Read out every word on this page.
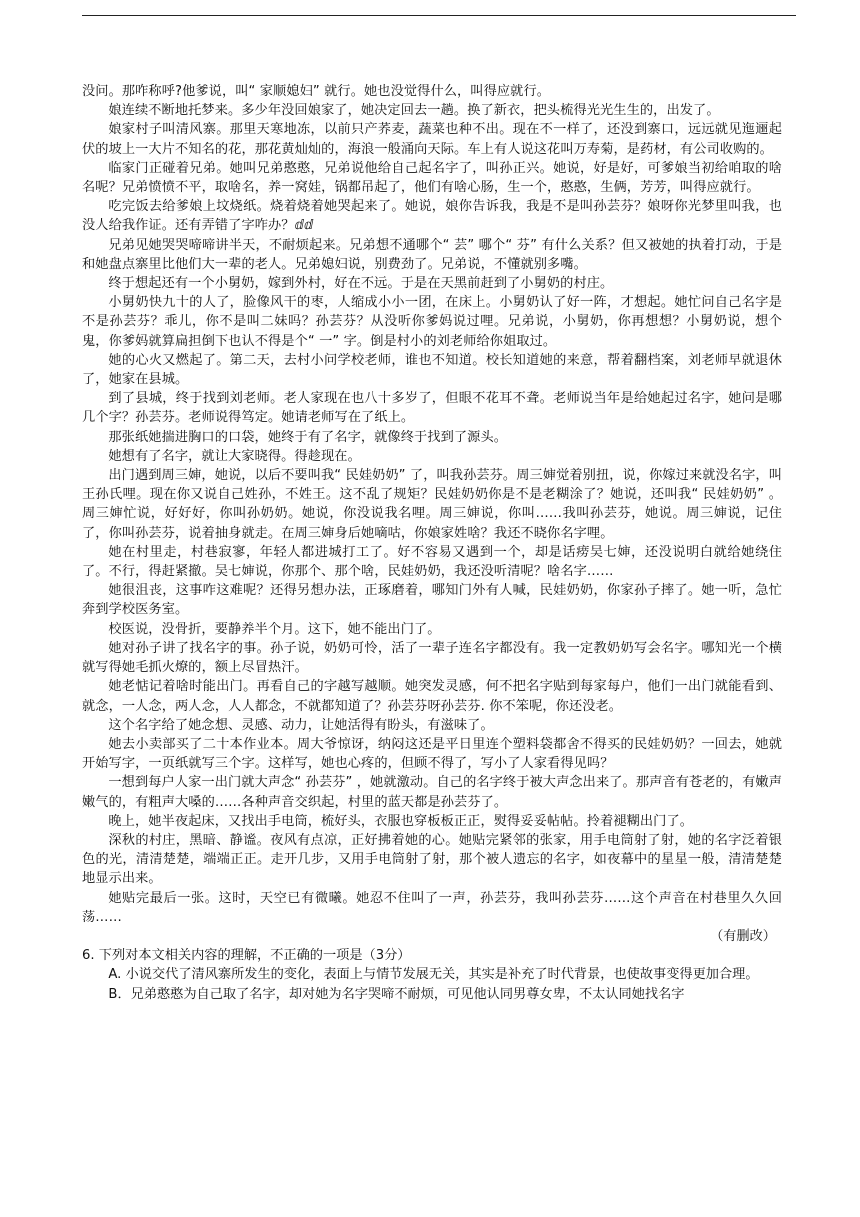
没问。那咋称呼?他爹说，叫“ 家顺媳妇” 就行。她也没觉得什么，叫得应就行。

娘连续不断地托梦来。多少年没回娘家了，她决定回去一趟。换了新衣，把头梳得光光生生的，出发了。

娘家村子叫清风寨。那里天寒地冻，以前只产荞麦，蔬菜也种不出。现在不一样了，还没到寨口，远远就见迤逦起伏的坡上一大片不知名的花，那花黄灿灿的，海浪一般涌向天际。车上有人说这花叫万寿菊，是药材，有公司收购的。

临家门正碰着兄弟。她叫兄弟憨憨，兄弟说他给自己起名字了，叫孙正兴。她说，好是好，可爹娘当初给咱取的啥名呢？兄弟愤愤不平，取啥名，养一窝娃，锅都吊起了，他们有啥心肠，生一个，憨憨，生俩，芳芳，叫得应就行。

吃完饭去给爹娘上坟烧纸。烧着烧着她哭起来了。她说，娘你告诉我，我是不是叫孙芸芬？娘呀你光梦里叫我，也没人给我作证。还有弄错了字咋办？ⅆⅆ

兄弟见她哭哭啼啼讲半天，不耐烦起来。兄弟想不通哪个“ 芸” 哪个“ 芬” 有什么关系？但又被她的执着打动，于是和她盘点寨里比他们大一辈的老人。兄弟媳妇说，别费劲了。兄弟说，不懂就别多嘴。

终于想起还有一个小舅奶，嫁到外村，好在不远。于是在天黑前赶到了小舅奶的村庄。

小舅奶快九十的人了，脸像风干的枣，人缩成小小一团，在床上。小舅奶认了好一阵，才想起。她忙问自己名字是不是孙芸芬？乖儿，你不是叫二妹吗？孙芸芬？从没听你爹妈说过哩。兄弟说，小舅奶，你再想想？小舅奶说，想个鬼，你爹妈就算扁担倒下也认不得是个“ 一” 字。倒是村小的刘老师给你姐取过。

她的心火又燃起了。第二天，去村小问学校老师，谁也不知道。校长知道她的来意，帮着翻档案，刘老师早就退休了，她家在县城。

到了县城，终于找到刘老师。老人家现在也八十多岁了，但眼不花耳不聋。老师说当年是给她起过名字，她问是哪几个字？孙芸芬。老师说得笃定。她请老师写在了纸上。

那张纸她揣进胸口的口袋，她终于有了名字，就像终于找到了源头。

她想有了名字，就让大家晓得。得趁现在。

出门遇到周三婶，她说，以后不要叫我“ 民娃奶奶” 了，叫我孙芸芬。周三婶觉着别扭，说，你嫁过来就没名字，叫王孙氏哩。现在你又说自己姓孙，不姓王。这不乱了规矩？民娃奶奶你是不是老糊涂了？她说，还叫我“ 民娃奶奶” 。周三婶忙说，好好好，你叫孙奶奶。她说，你没说我名哩。周三婶说，你叫……我叫孙芸芬，她说。周三婶说，记住了，你叫孙芸芬，说着抽身就走。在周三婶身后她嘀咕，你娘家姓啥？我还不晓你名字哩。

她在村里走，村巷寂寥，年轻人都进城打工了。好不容易又遇到一个，却是话痨吴七婶，还没说明白就给她绕住了。不行，得赶紧撤。吴七婶说，你那个、那个啥，民娃奶奶，我还没听清呢？啥名字……

她很沮丧，这事咋这难呢？还得另想办法，正琢磨着，哪知门外有人喊，民娃奶奶，你家孙子摔了。她一听，急忙奔到学校医务室。

校医说，没骨折，要静养半个月。这下，她不能出门了。

她对孙子讲了找名字的事。孙子说，奶奶可怜，活了一辈子连名字都没有。我一定教奶奶写会名字。哪知光一个横就写得她毛抓火燎的，额上尽冒热汗。

她老惦记着啥时能出门。再看自己的字越写越顺。她突发灵感，何不把名字贴到每家每户，他们一出门就能看到、就念，一人念，两人念，人人都念，不就都知道了？孙芸芬呀孙芸芬. 你不笨呢，你还没老。

这个名字给了她念想、灵感、动力，让她活得有盼头，有滋味了。

她去小卖部买了二十本作业本。周大爷惊讶，纳闷这还是平日里连个塑料袋都舍不得买的民娃奶奶？一回去，她就开始写字，一页纸就写三个字。这样写，她也心疼的，但顾不得了，写小了人家看得见吗？

一想到每户人家一出门就大声念“ 孙芸芬” ，她就激动。自己的名字终于被大声念出来了。那声音有苍老的，有嫩声嫩气的，有粗声大嗓的……各种声音交织起，村里的蓝天都是孙芸芬了。

晚上，她半夜起床，又找出手电筒，梳好头，衣服也穿板板正正，熨得妥妥帖帖。拎着褪糊出门了。

深秋的村庄，黑暗、静谧。夜风有点凉，正好拂着她的心。她贴完紧邻的张家，用手电筒射了射，她的名字泛着银色的光，清清楚楚，端端正正。走开几步，又用手电筒射了射，那个被人遗忘的名字，如夜幕中的星星一般，清清楚楚地显示出来。

她贴完最后一张。这时，天空已有微曦。她忍不住叫了一声，孙芸芬，我叫孙芸芬……这个声音在村巷里久久回荡……

（有删改）

6. 下列对本文相关内容的理解，不正确的一项是（3分）

A. 小说交代了清风寨所发生的变化，表面上与情节发展无关，其实是补充了时代背景，也使故事变得更加合理。

B．兄弟憨憨为自己取了名字，却对她为名字哭啼不耐烦，可见他认同男尊女卑，不太认同她找名字
